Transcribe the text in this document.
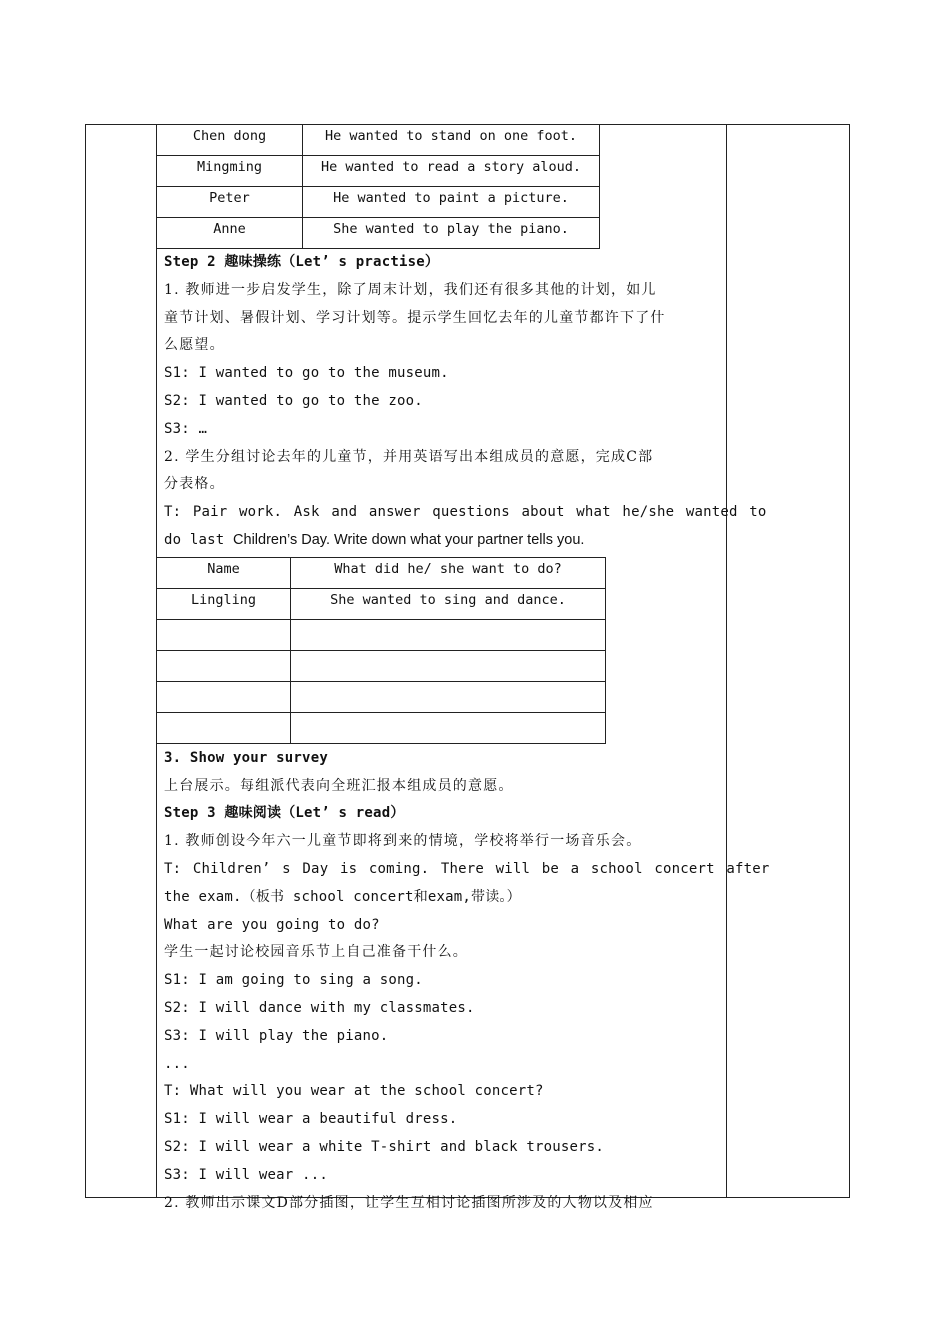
Chen dong	He wanted to stand on one foot.
Mingming	He wanted to read a story aloud.
Peter	He wanted to paint a picture.
Anne	She wanted to play the piano.
Step 2 趣味操练（Let’ s practise）
1. 教师进一步启发学生，除了周末计划，我们还有很多其他的计划，如儿
童节计划、暑假计划、学习计划等。提示学生回忆去年的儿童节都许下了什
么愿望。
S1: I wanted to go to the museum.
S2: I wanted to go to the zoo.
S3: …
2. 学生分组讨论去年的儿童节，并用英语写出本组成员的意愿，完成C部
分表格。
T: Pair work. Ask and answer questions about what he/she wanted to
do last Children’s Day. Write down what your partner tells you.
Name	What did he/ she want to do?
Lingling	She wanted to sing and dance.

3. Show your survey
上台展示。每组派代表向全班汇报本组成员的意愿。
Step 3 趣味阅读（Let’ s read）
1. 教师创设今年六一儿童节即将到来的情境，学校将举行一场音乐会。
T: Children’ s Day is coming. There will be a school concert after
the exam.（板书 school concert和exam,带读。）
What are you going to do?
学生一起讨论校园音乐节上自己准备干什么。
S1: I am going to sing a song.
S2: I will dance with my classmates.
S3: I will play the piano.
...
T: What will you wear at the school concert?
S1: I will wear a beautiful dress.
S2: I will wear a white T-shirt and black trousers.
S3: I will wear ...
2. 教师出示课文D部分插图，让学生互相讨论插图所涉及的人物以及相应
